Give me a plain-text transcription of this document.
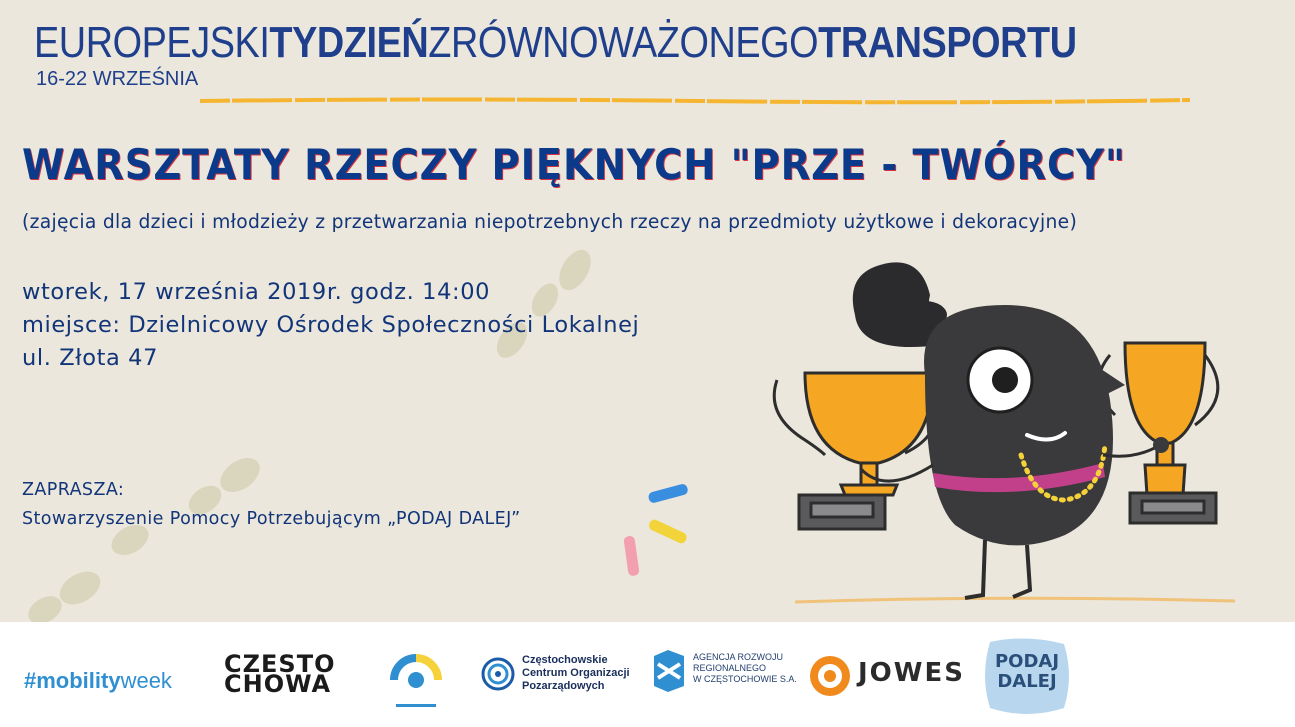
EUROPEJSKITYDZIEŃZRÓWNOWAŻONEGOTRANSPORTU
16-22 WRZEŚNIA
WARSZTATY RZECZY PIĘKNYCH "PRZE - TWÓRCY"
(zajęcia dla dzieci i młodzieży z przetwarzania niepotrzebnych rzeczy na przedmioty użytkowe i dekoracyjne)
wtorek, 17 września 2019r. godz. 14:00
miejsce: Dzielnicowy Ośrodek Społeczności Lokalnej
ul. Złota 47
ZAPRASZA:
Stowarzyszenie Pomocy Potrzebującym „PODAJ DALEJ”
#mobilityweek
CZESTO
CHOWA
Częstochowskie
Centrum Organizacji
Pozarządowych
AGENCJA ROZWOJU
REGIONALNEGO
W CZĘSTOCHOWIE S.A. JOWES	PODAJ
DALEJ
